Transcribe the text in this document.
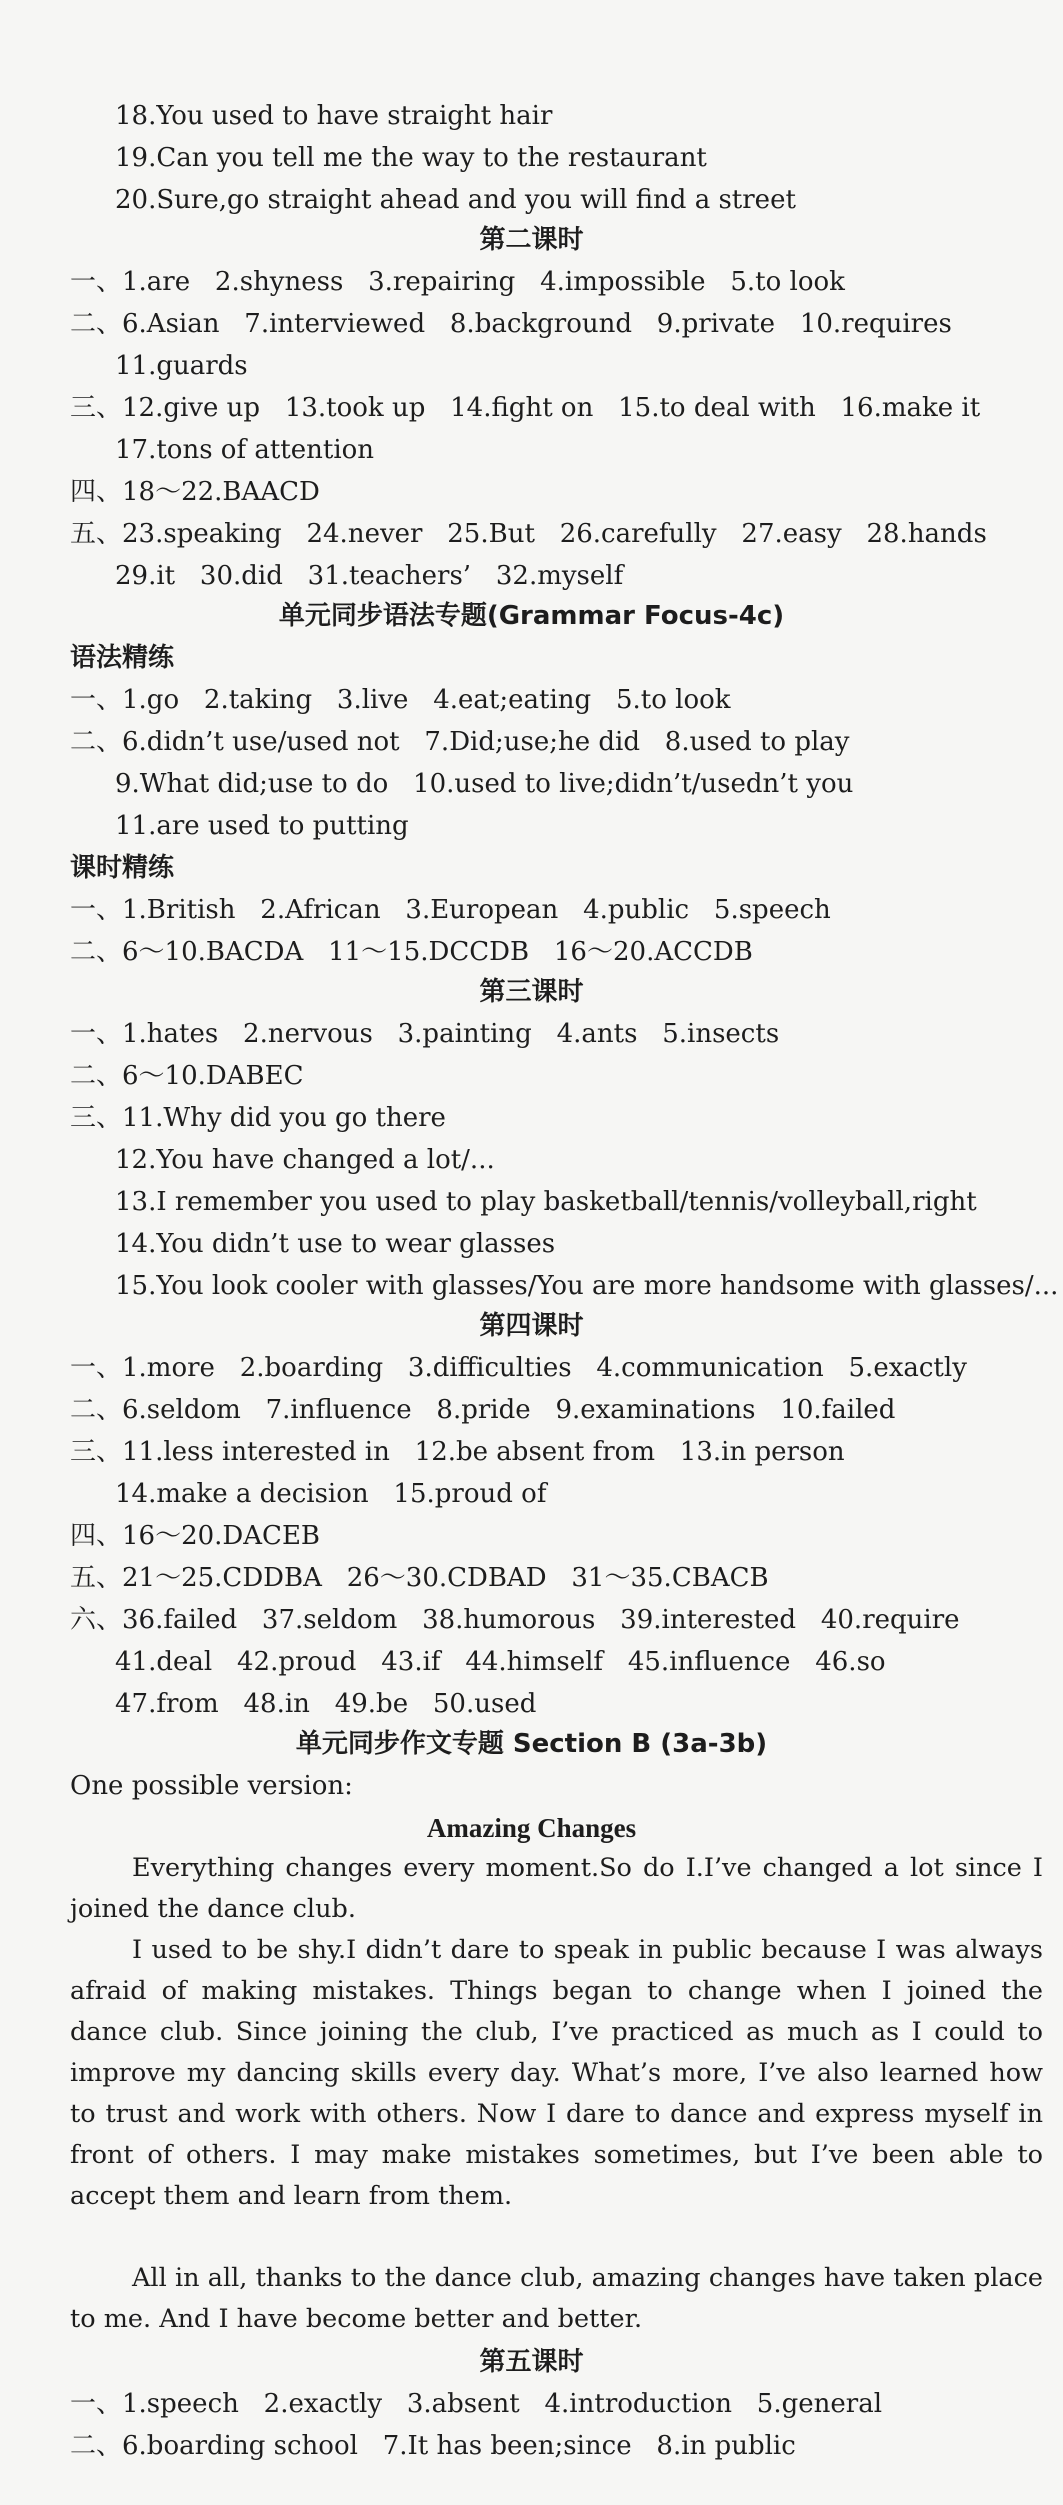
18.You used to have straight hair
19.Can you tell me the way to the restaurant
20.Sure,go straight ahead and you will find a street
第二课时
一、1.are   2.shyness   3.repairing   4.impossible   5.to look
二、6.Asian   7.interviewed   8.background   9.private   10.requires
11.guards
三、12.give up   13.took up   14.fight on   15.to deal with   16.make it
17.tons of attention
四、18～22.BAACD
五、23.speaking   24.never   25.But   26.carefully   27.easy   28.hands
29.it   30.did   31.teachers’   32.myself
单元同步语法专题(Grammar Focus-4c)
语法精练
一、1.go   2.taking   3.live   4.eat;eating   5.to look
二、6.didn’t use/used not   7.Did;use;he did   8.used to play
9.What did;use to do   10.used to live;didn’t/usedn’t you
11.are used to putting
课时精练
一、1.British   2.African   3.European   4.public   5.speech
二、6～10.BACDA   11～15.DCCDB   16～20.ACCDB
第三课时
一、1.hates   2.nervous   3.painting   4.ants   5.insects
二、6～10.DABEC
三、11.Why did you go there
12.You have changed a lot/...
13.I remember you used to play basketball/tennis/volleyball,right
14.You didn’t use to wear glasses
15.You look cooler with glasses/You are more handsome with glasses/...
第四课时
一、1.more   2.boarding   3.difficulties   4.communication   5.exactly
二、6.seldom   7.influence   8.pride   9.examinations   10.failed
三、11.less interested in   12.be absent from   13.in person
14.make a decision   15.proud of
四、16～20.DACEB
五、21～25.CDDBA   26～30.CDBAD   31～35.CBACB
六、36.failed   37.seldom   38.humorous   39.interested   40.require
41.deal   42.proud   43.if   44.himself   45.influence   46.so
47.from   48.in   49.be   50.used
单元同步作文专题 Section B (3a-3b)
One possible version:
Amazing Changes
Everything changes every moment.So do I.I’ve changed a lot since I joined the dance club.
I used to be shy.I didn’t dare to speak in public because I was always afraid of making mistakes. Things began to change when I joined the dance club. Since joining the club, I’ve practiced as much as I could to improve my dancing skills every day. What’s more, I’ve also learned how to trust and work with others. Now I dare to dance and express myself in front of others. I may make mistakes sometimes, but I’ve been able to accept them and learn from them.
All in all, thanks to the dance club, amazing changes have taken place to me. And I have become better and better.
第五课时
一、1.speech   2.exactly   3.absent   4.introduction   5.general
二、6.boarding school   7.It has been;since   8.in public
